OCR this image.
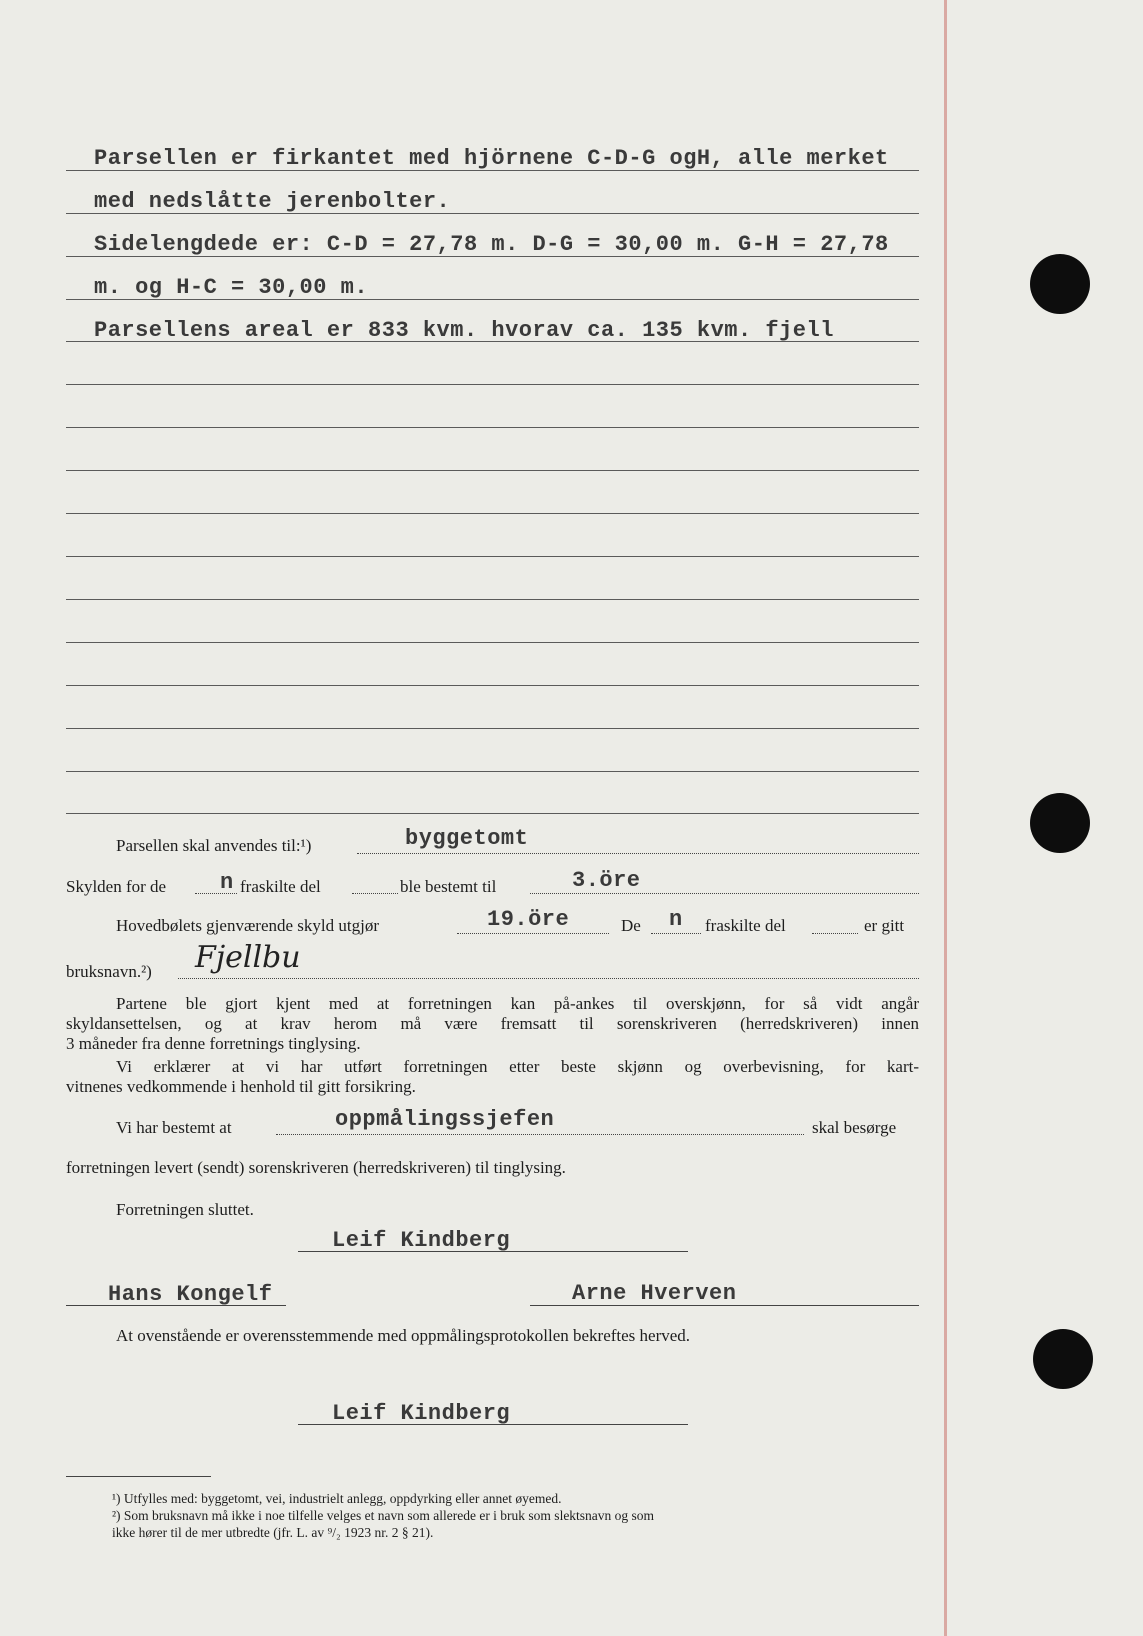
Parsellen er firkantet med hjörnene C-D-G ogH, alle merket
med nedslåtte jerenbolter.
Sidelengdede er: C-D = 27,78 m. D-G = 30,00 m. G-H = 27,78
m. og H-C = 30,00 m.
Parsellens areal er 833 kvm. hvorav ca. 135 kvm. fjell
Parsellen skal anvendes til:¹)	byggetomt
Skylden for de n fraskilte del	ble bestemt til	3.öre
Hovedbølets gjenværende skyld utgjør	19.öre	De n fraskilte del	er gitt
bruksnavn.²) Fjellbu
Partene ble gjort kjent med at forretningen kan på-ankes til overskjønn, for så vidt angår
skyldansettelsen, og at krav herom må være fremsatt til sorenskriveren (herredskriveren) innen
3 måneder fra denne forretnings tinglysing.
Vi erklærer at vi har utført forretningen etter beste skjønn og overbevisning, for kart-
vitnenes vedkommende i henhold til gitt forsikring.
Vi har bestemt at	oppmålingssjefen	skal besørge
forretningen levert (sendt) sorenskriveren (herredskriveren) til tinglysing.
Forretningen sluttet.
Leif Kindberg
Hans Kongelf	Arne Hverven
At ovenstående er overensstemmende med oppmålingsprotokollen bekreftes herved.
Leif Kindberg
¹) Utfylles med: byggetomt, vei, industrielt anlegg, oppdyrking eller annet øyemed.
²) Som bruksnavn må ikke i noe tilfelle velges et navn som allerede er i bruk som slektsnavn og som
ikke hører til de mer utbredte (jfr. L. av ⁹/₂ 1923 nr. 2 § 21).
